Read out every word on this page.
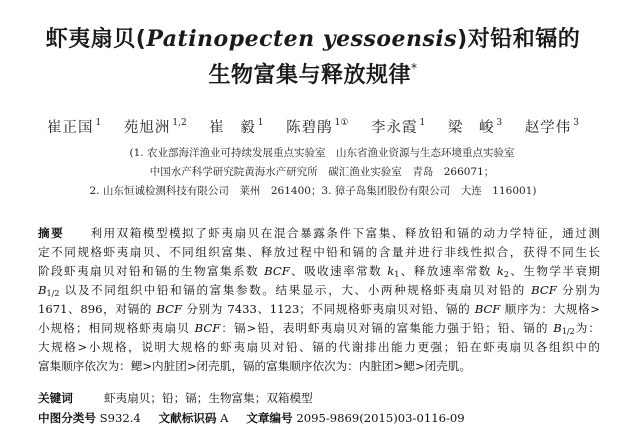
虾夷扇贝(Patinopecten yessoensis)对铅和镉的
生物富集与释放规律*
崔正国 $^1$ 苑旭洲 $^{1,2}$ 崔　毅 $^1$ 陈碧鹃 $^{1①}$ 李永霞 $^1$ 梁　峻 $^3$ 赵学伟 $^3$
(1. 农业部海洋渔业可持续发展重点实验室　山东省渔业资源与生态环境重点实验室
中国水产科学研究院黄海水产研究所　碳汇渔业实验室　青岛　266071；
2. 山东恒诚检测科技有限公司　莱州　261400；3. 獐子岛集团股份有限公司　大连　116001)
摘要　　 利用双箱模型模拟了虾夷扇贝在混合暴露条件下富集、释放铅和镉的动力学特征，通过测
定不同规格虾夷扇贝、不同组织富集、释放过程中铅和镉的含量并进行非线性拟合，获得不同生长
阶段虾夷扇贝对铅和镉的生物富集系数 BCF、吸收速率常数 $k_1$、释放速率常数 $k_2$、生物学半衰期
$B_{1/2}$ 以及不同组织中铅和镉的富集参数。结果显示，大、小两种规格虾夷扇贝对铅的 BCF 分别为
1671、896，对镉的 BCF 分别为 7433、1123；不同规格虾夷扇贝对铅、镉的 BCF 顺序为：大规格>
小规格；相同规格虾夷扇贝 BCF：镉>铅，表明虾夷扇贝对镉的富集能力强于铅；铅、镉的 $B_{1/2}$为：
大规格>小规格，说明大规格的虾夷扇贝对铅、镉的代谢排出能力更强；铅在虾夷扇贝各组织中的
富集顺序依次为：鳃>内脏团>闭壳肌，镉的富集顺序依次为：内脏团>鳃>闭壳肌。
关键词	虾夷扇贝；铅；镉；生物富集；双箱模型
中图分类号 S932.4 文献标识码 A 文章编号 2095-9869(2015)03-0116-09
